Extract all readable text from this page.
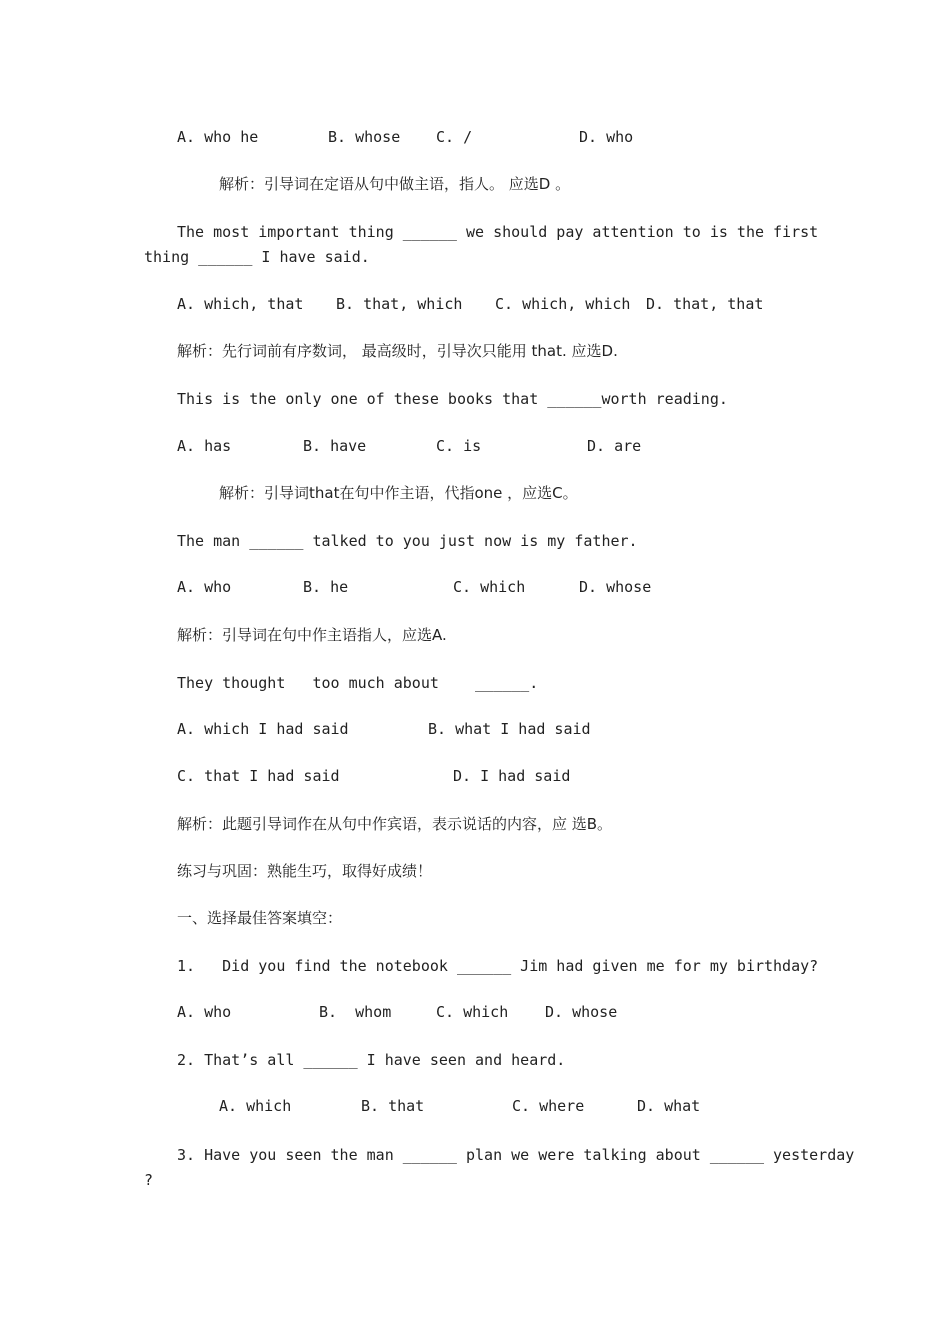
A. who he	B. whose C. /	D. who

解析：引导词在定语从句中做主语，指人。 应选D 。

The most important thing ______ we should pay attention to is the first

thing ______ I have said.

A. which, that B. that, which C. which, which D. that, that

解析：先行词前有序数词， 最高级时，引导次只能用 that. 应选D.

This is the only one of these books that ______worth reading.

A. has	B. have	C. is	D. are

解析：引导词that在句中作主语，代指one ，应选C。

The man ______ talked to you just now is my father.

A. who	B. he	C. which	D. whose

解析：引导词在句中作主语指人，应选A.

They thought   too much about    ______.

A. which I had said	B. what I had said
C. that I had said	D. I had said

解析：此题引导词作在从句中作宾语，表示说话的内容，应 选B。

练习与巩固：熟能生巧，取得好成绩！

一、选择最佳答案填空：

1.   Did you find the notebook ______ Jim had given me for my birthday?

A. who	B.  whom	C. which D. whose

2. That’s all ______ I have seen and heard.

A. which	B. that	C. where	D. what

3. Have you seen the man ______ plan we were talking about ______ yesterday

?
